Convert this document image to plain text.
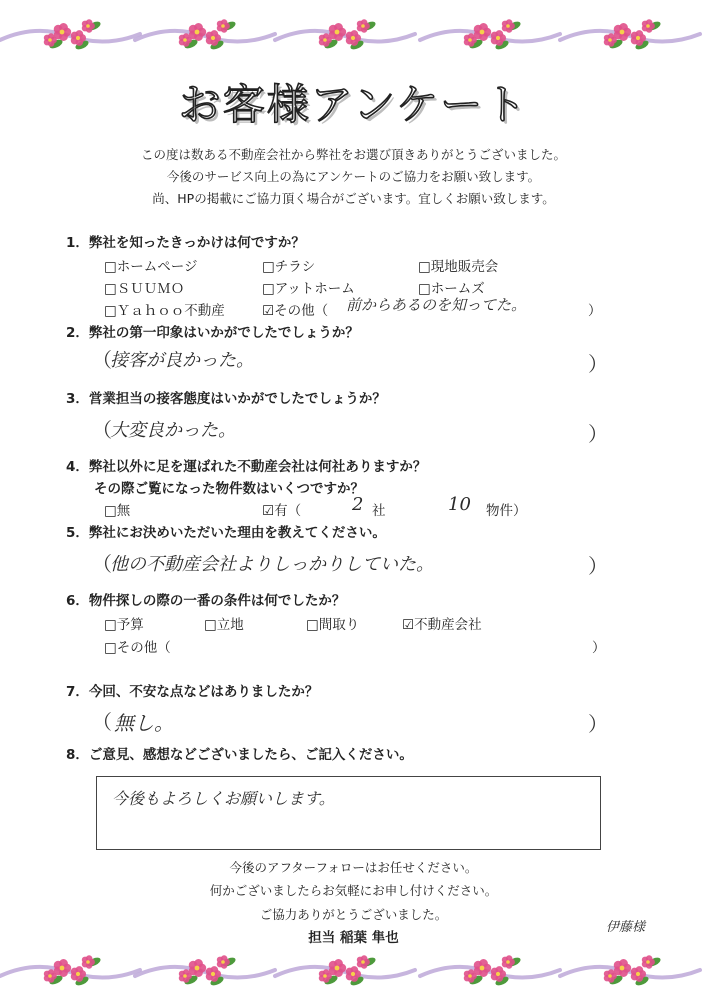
お客様アンケート
この度は数ある不動産会社から弊社をお選び頂きありがとうございました。
今後のサービス向上の為にアンケートのご協力をお願い致します。
尚、HPの掲載にご協力頂く場合がございます。宜しくお願い致します。
1．弊社を知ったきっかけは何ですか？
□ホームページ	□チラシ	□現地販売会
□ＳＵＵＭＯ	□アットホーム	□ホームズ
□Ｙａｈｏｏ不動産	☑その他（ 前からあるのを知ってた。	）
2．弊社の第一印象はいかがでしたでしょうか？
（
接客が良かった。	）
3．営業担当の接客態度はいかがでしたでしょうか？
（
大変良かった。	）
4．弊社以外に足を運ばれた不動産会社は何社ありますか？
その際ご覧になった物件数はいくつですか？
□無	☑有（	2 社	10 物件）
5．弊社にお決めいただいた理由を教えてください。
（
他の不動産会社よりしっかりしていた。	）
6．物件探しの際の一番の条件は何でしたか？
□予算	□立地	□間取り	☑不動産会社
□その他（	）
7．今回、不安な点などはありましたか？
（ 無し。	）
8．ご意見、感想などございましたら、ご記入ください。
今後もよろしくお願いします。
今後のアフターフォローはお任せください。
何かございましたらお気軽にお申し付けください。
ご協力ありがとうございました。
担当 稲葉 隼也
伊藤様
